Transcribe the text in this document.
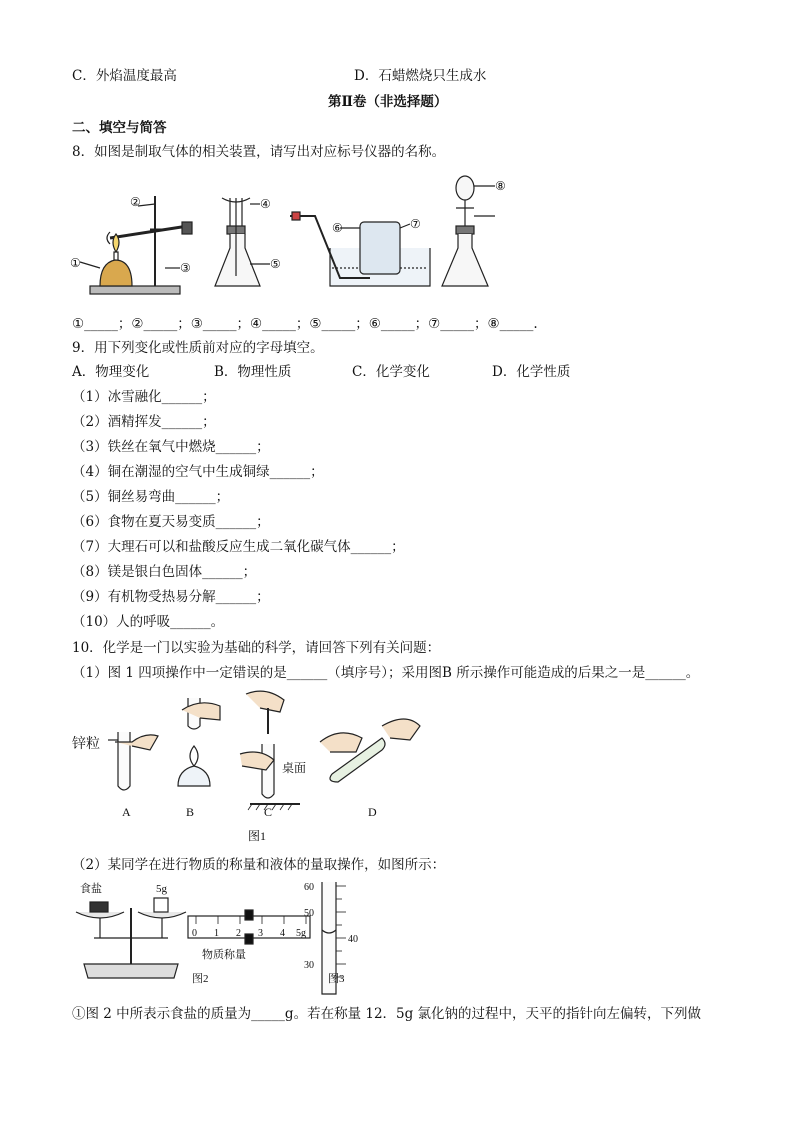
C．外焰温度最高	D．石蜡燃烧只生成水
第Ⅱ卷（非选择题）
二、填空与简答
8．如图是制取气体的相关装置，请写出对应标号仪器的名称。
①
②
③
④
⑤
⑥	⑦
⑧
①_____；②_____；③_____；④_____；⑤_____；⑥_____；⑦_____；⑧_____.
9．用下列变化或性质前对应的字母填空。
A．物理变化	B．物理性质	C．化学变化	D．化学性质
（1）冰雪融化______；
（2）酒精挥发______；
（3）铁丝在氧气中燃烧______；
（4）铜在潮湿的空气中生成铜绿______；
（5）铜丝易弯曲______；
（6）食物在夏天易变质______；
（7）大理石可以和盐酸反应生成二氧化碳气体______；
（8）镁是银白色固体______；
（9）有机物受热易分解______；
（10）人的呼吸______。
10．化学是一门以实验为基础的科学，请回答下列有关问题：
（1）图 1 四项操作中一定错误的是______（填序号）；采用图B 所示操作可能造成的后果之一是______。
锌粒
桌面
A	B	C	D
图1
（2）某同学在进行物质的称量和液体的量取操作，如图所示：
食盐	5g
0 1 2 3 4 5g
物质称量
图2
60
50
40
30
图3
①图 2 中所表示食盐的质量为_____g。若在称量 12．5g 氯化钠的过程中，天平的指针向左偏转，下列做
